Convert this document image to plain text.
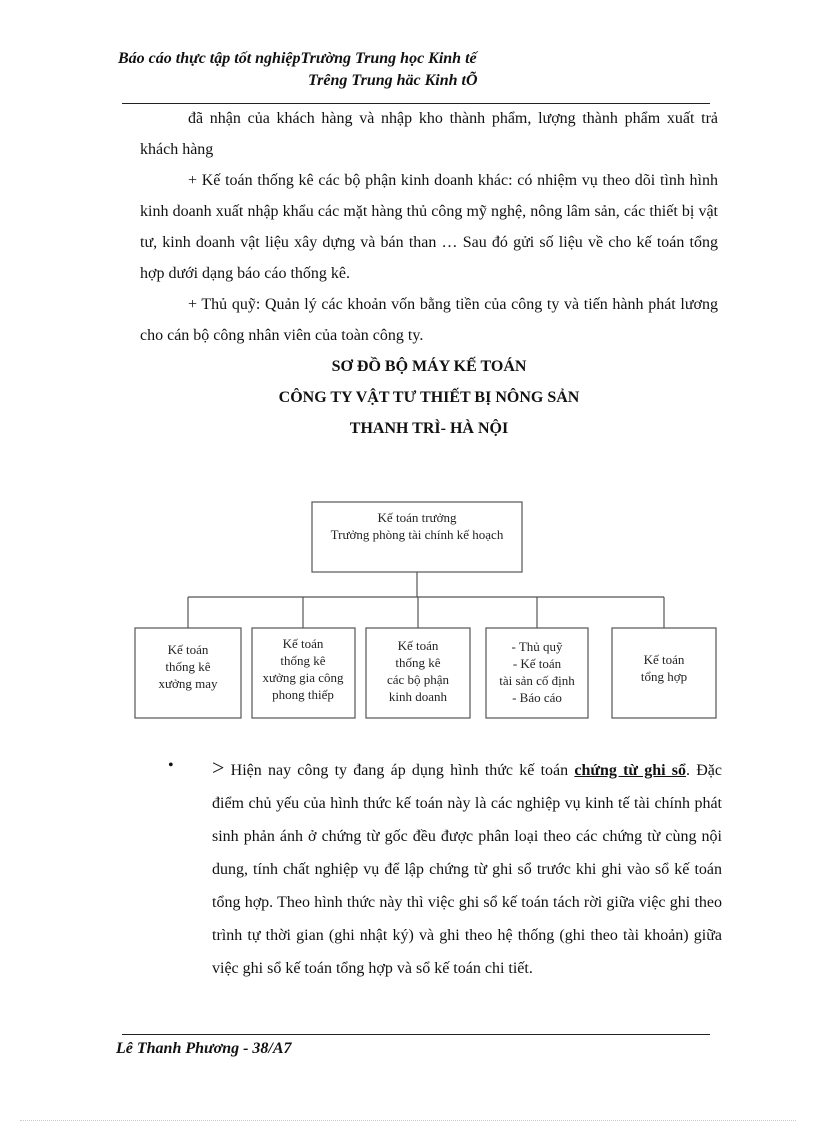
Báo cáo thực tập tốt nghiệpTrường Trung học Kinh tế
Trêng Trung häc Kinh tÕ

đã nhận của khách hàng và nhập kho thành phẩm, lượng thành phẩm xuất trả khách hàng

+ Kế toán thống kê các bộ phận kinh doanh khác: có nhiệm vụ theo dõi tình hình kinh doanh xuất nhập khẩu các mặt hàng thủ công mỹ nghệ, nông lâm sản, các thiết bị vật tư, kinh doanh vật liệu xây dựng và bán than … Sau đó gửi số liệu về cho kế toán tổng hợp dưới dạng báo cáo thống kê.

+ Thủ quỹ: Quản lý các khoản vốn bằng tiền của công ty và tiến hành phát lương cho cán bộ công nhân viên của toàn công ty.

SƠ ĐỒ BỘ MÁY KẾ TOÁN
CÔNG TY VẬT TƯ THIẾT BỊ NÔNG SẢN
THANH TRÌ- HÀ NỘI
Kế toán trưởng
Trưởng phòng tài chính kế hoạch
Kế toán
thống kê
xưởng may
Kế toán
thống kê
xưởng gia công
phong thiếp
Kế toán
thống kê
các bộ phận
kinh doanh
- Thủ quỹ
- Kế toán
tài sản cố định
- Báo cáo
Kế toán
tổng hợp
•	> Hiện nay công ty đang áp dụng hình thức kế toán chứng từ ghi sổ. Đặc điểm chủ yếu của hình thức kế toán này là các nghiệp vụ kinh tế tài chính phát sinh phản ánh ở chứng từ gốc đều được phân loại theo các chứng từ cùng nội dung, tính chất nghiệp vụ để lập chứng từ ghi sổ trước khi ghi vào sổ kế toán tổng hợp. Theo hình thức này thì việc ghi sổ kế toán tách rời giữa việc ghi theo trình tự thời gian (ghi nhật ký) và ghi theo hệ thống (ghi theo tài khoản) giữa việc ghi sổ kế toán tổng hợp và sổ kế toán chi tiết.

Lê Thanh Phương - 38/A7
